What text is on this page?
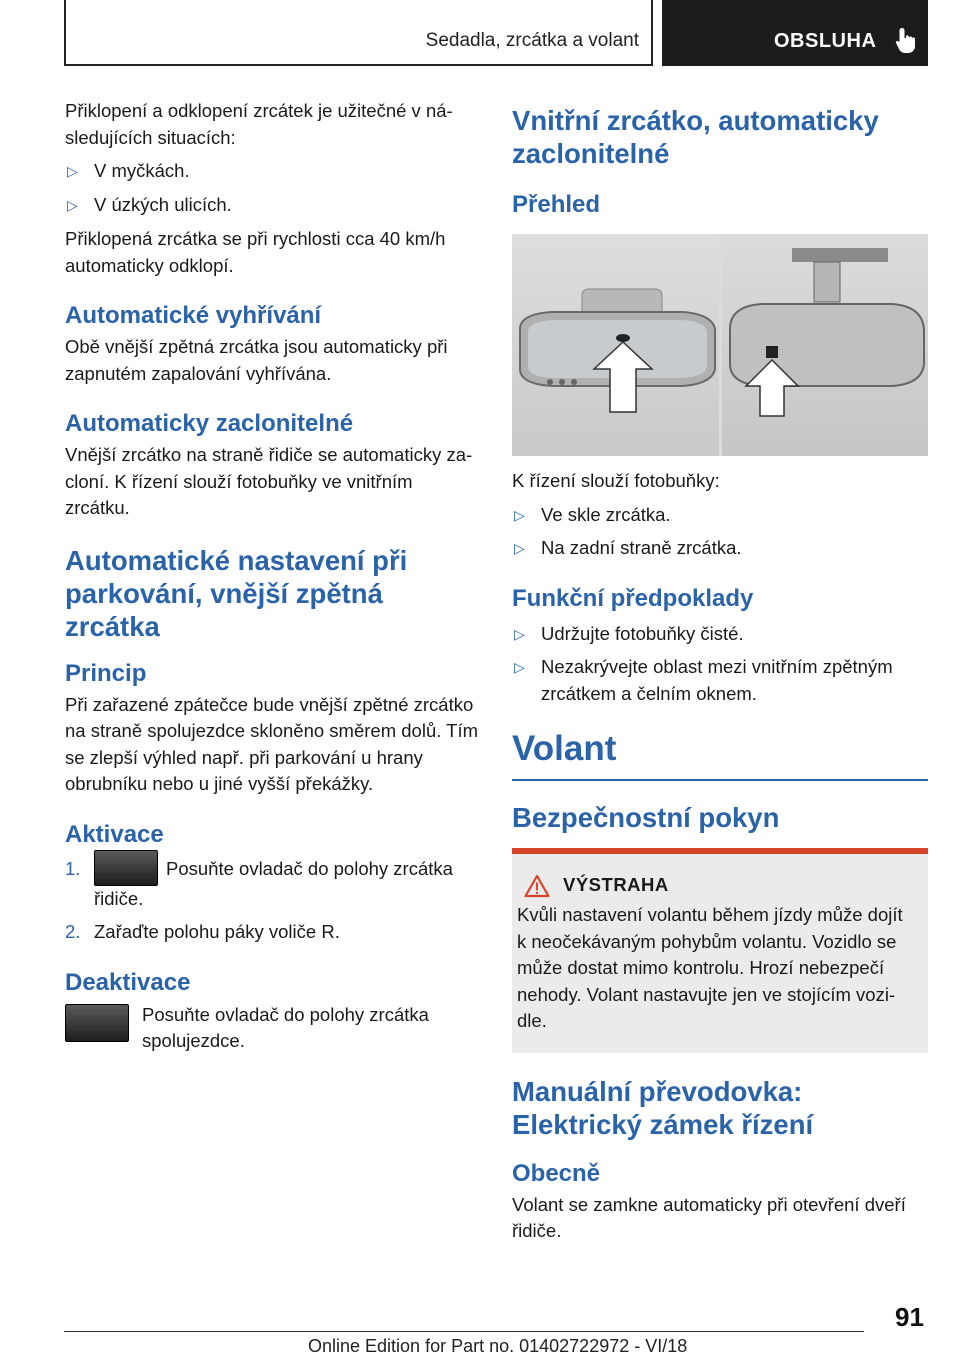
Sedadla, zrcátka a volant	OBSLUHA

Přiklopení a odklopení zrcátek je užitečné v ná-sledujících situacích:

▷ V myčkách.
▷ V úzkých ulicích.

Přiklopená zrcátka se při rychlosti cca 40 km/h automaticky odklopí.

Automatické vyhřívání

Obě vnější zpětná zrcátka jsou automaticky při zapnutém zapalování vyhřívána.

Automaticky zaclonitelné

Vnější zrcátko na straně řidiče se automaticky za-cloní. K řízení slouží fotobuňky ve vnitřním zrcátku.

Automatické nastavení při parkování, vnější zpětná zrcátka
Princip

Při zařazené zpátečce bude vnější zpětné zrcátko na straně spolujezdce skloněno směrem dolů. Tím se zlepší výhled např. při parkování u hrany obrubníku nebo u jiné vyšší překážky.

Aktivace
1.	Posuňte ovladač do polohy zrcátka řidiče.
2. Zařaďte polohu páky voliče R.
Deaktivace

Posuňte ovladač do polohy zrcátka spolujezdce.

Vnitřní zrcátko, automaticky zaclonitelné
Přehled

K řízení slouží fotobuňky:

▷ Ve skle zrcátka.
▷ Na zadní straně zrcátka.
Funkční předpoklady
▷ Udržujte fotobuňky čisté.
▷ Nezakrývejte oblast mezi vnitřním zpětným zrcátkem a čelním oknem.
Volant
Bezpečnostní pokyn
VÝSTRAHA

Kvůli nastavení volantu během jízdy může dojít k neočekávaným pohybům volantu. Vozidlo se může dostat mimo kontrolu. Hrozí nebezpečí nehody. Volant nastavujte jen ve stojícím vozi-dle.

Manuální převodovka: Elektrický zámek řízení
Obecně

Volant se zamkne automaticky při otevření dveří řidiče.

91
Online Edition for Part no. 01402722972 - VI/18
